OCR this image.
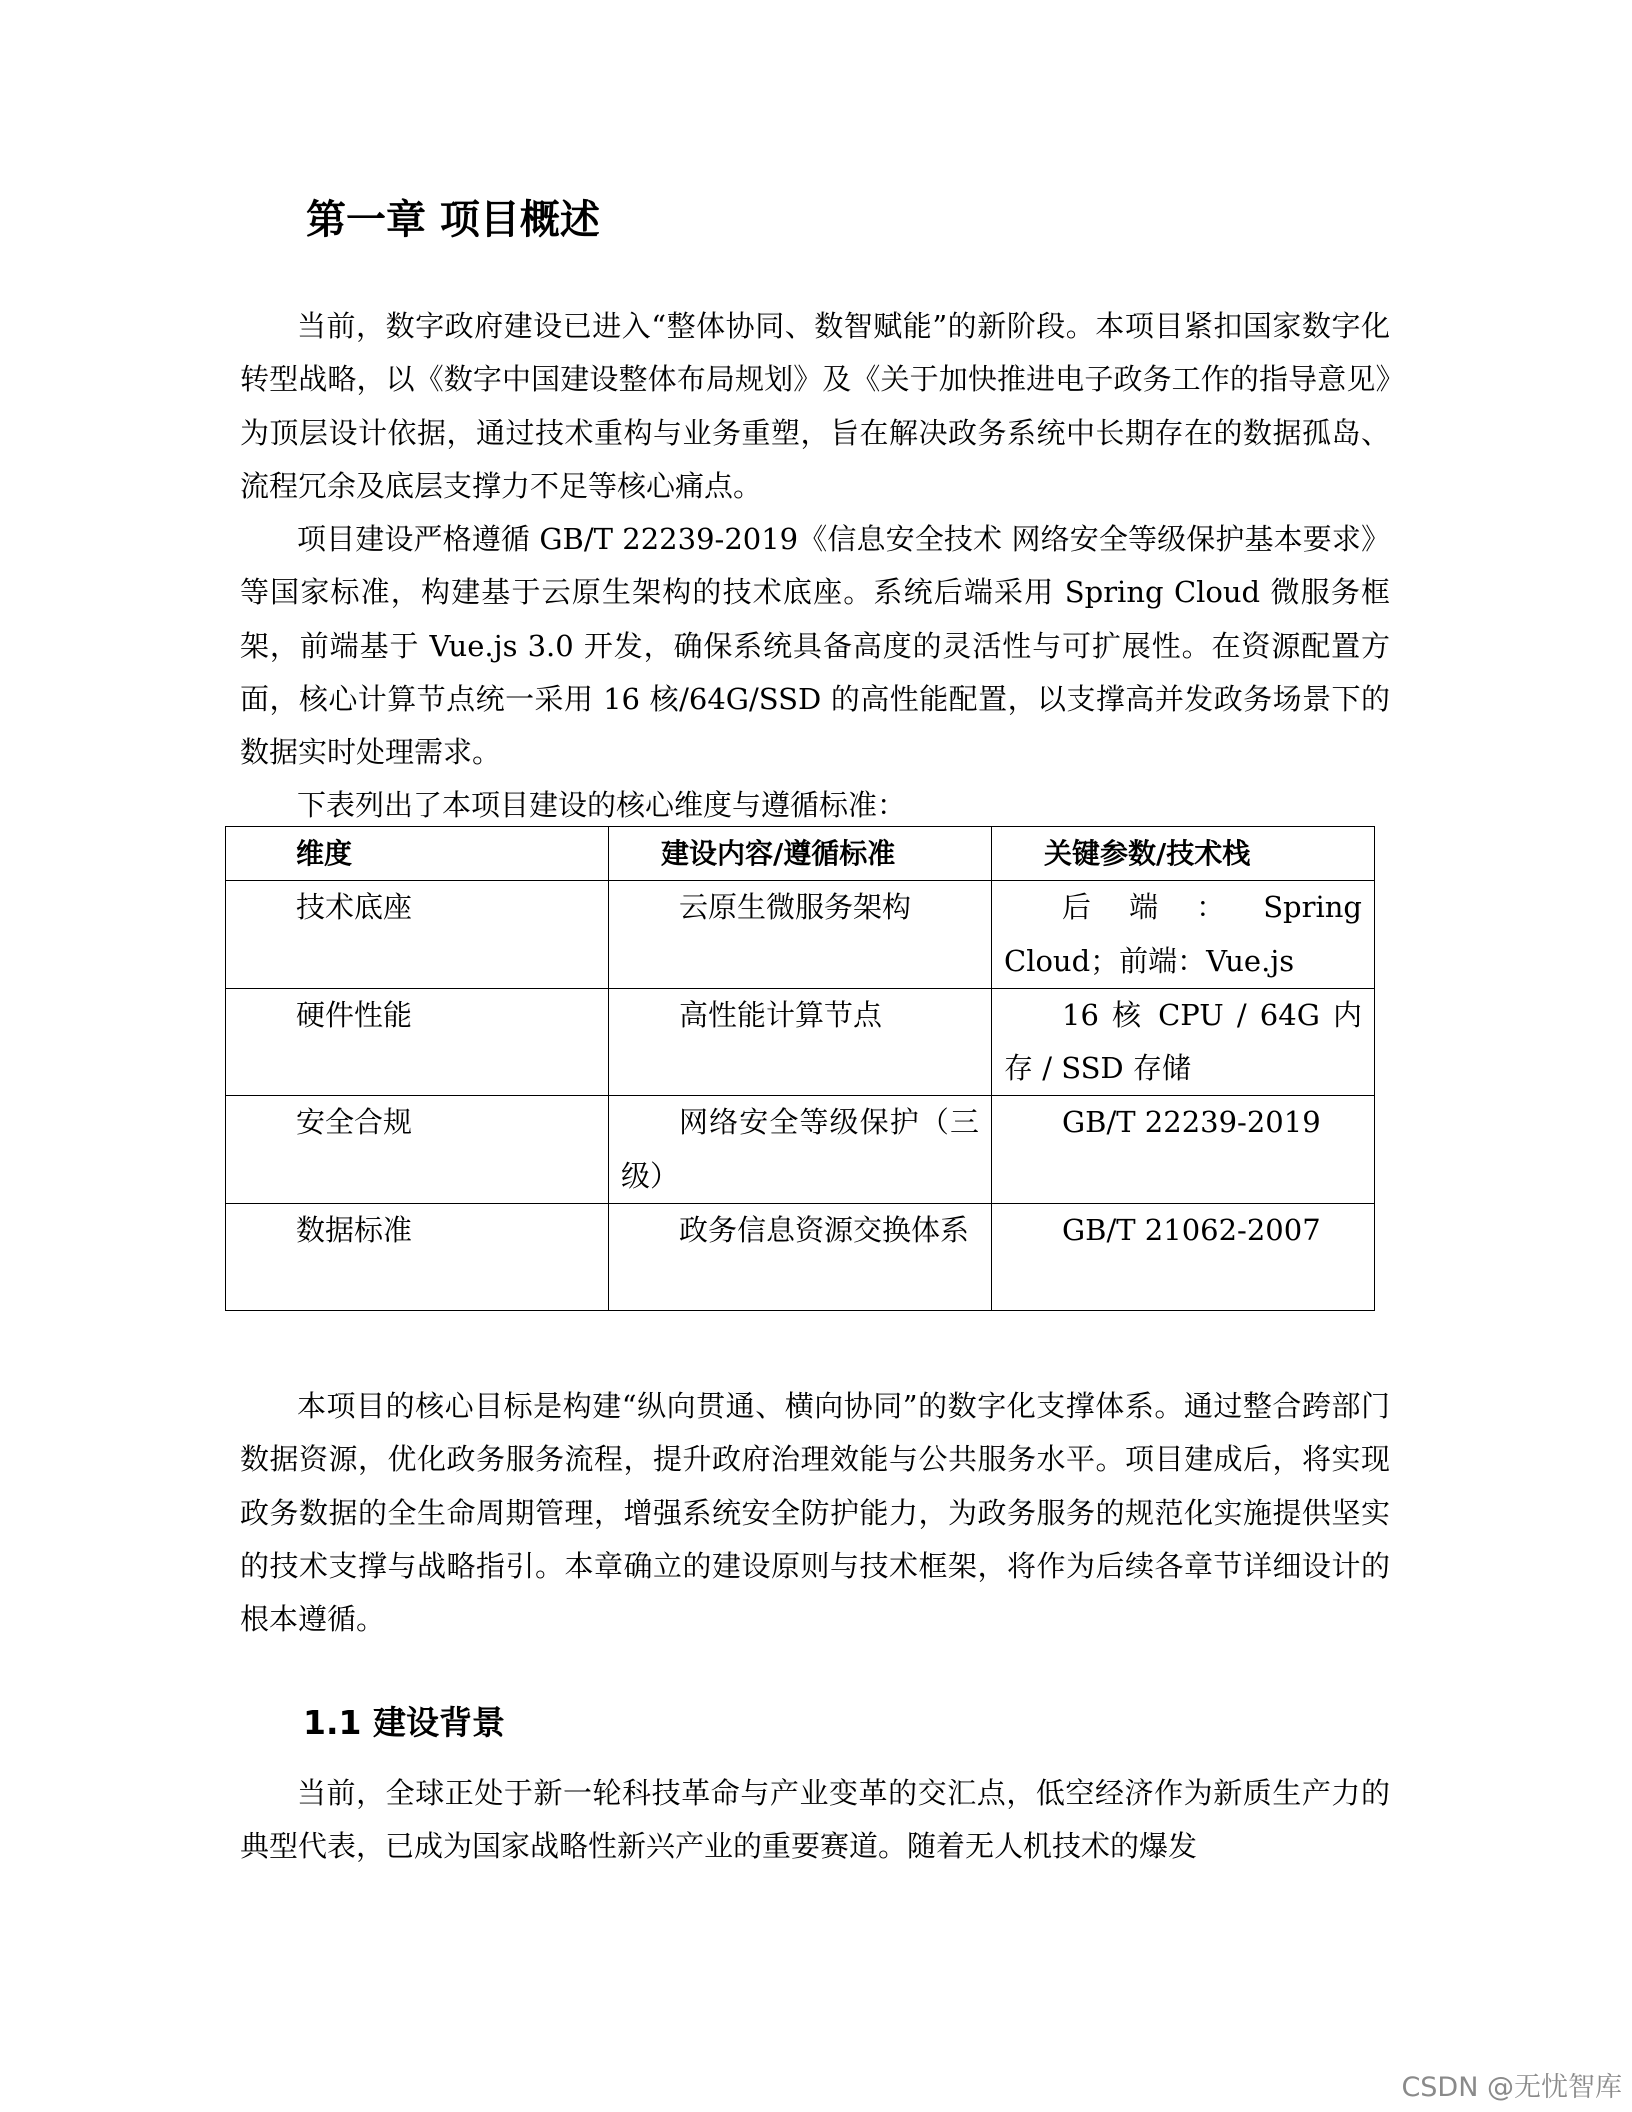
第一章 项目概述

当前，数字政府建设已进入“整体协同、数智赋能”的新阶段。本项目紧扣国家数字化转型战略，以《数字中国建设整体布局规划》及《关于加快推进电子政务工作的指导意见》为顶层设计依据，通过技术重构与业务重塑，旨在解决政务系统中长期存在的数据孤岛、流程冗余及底层支撑力不足等核心痛点。

项目建设严格遵循 GB/T 22239-2019《信息安全技术 网络安全等级保护基本要求》等国家标准，构建基于云原生架构的技术底座。系统后端采用 Spring Cloud 微服务框架，前端基于 Vue.js 3.0 开发，确保系统具备高度的灵活性与可扩展性。在资源配置方面，核心计算节点统一采用 16 核/64G/SSD 的高性能配置，以支撑高并发政务场景下的数据实时处理需求。

下表列出了本项目建设的核心维度与遵循标准：

维度	建设内容/遵循标准	关键参数/技术栈
技术底座	云原生微服务架构	后端：Spring Cloud；前端：Vue.js
硬件性能	高性能计算节点	16 核 CPU / 64G 内存 / SSD 存储
安全合规	网络安全等级保护（三级）	GB/T 22239-2019
数据标准	政务信息资源交换体系	GB/T 21062-2007

本项目的核心目标是构建“纵向贯通、横向协同”的数字化支撑体系。通过整合跨部门数据资源，优化政务服务流程，提升政府治理效能与公共服务水平。项目建成后，将实现政务数据的全生命周期管理，增强系统安全防护能力，为政务服务的规范化实施提供坚实的技术支撑与战略指引。本章确立的建设原则与技术框架，将作为后续各章节详细设计的根本遵循。

1.1 建设背景

当前，全球正处于新一轮科技革命与产业变革的交汇点，低空经济作为新质生产力的典型代表，已成为国家战略性新兴产业的重要赛道。随着无人机技术的爆发

CSDN @无忧智库
